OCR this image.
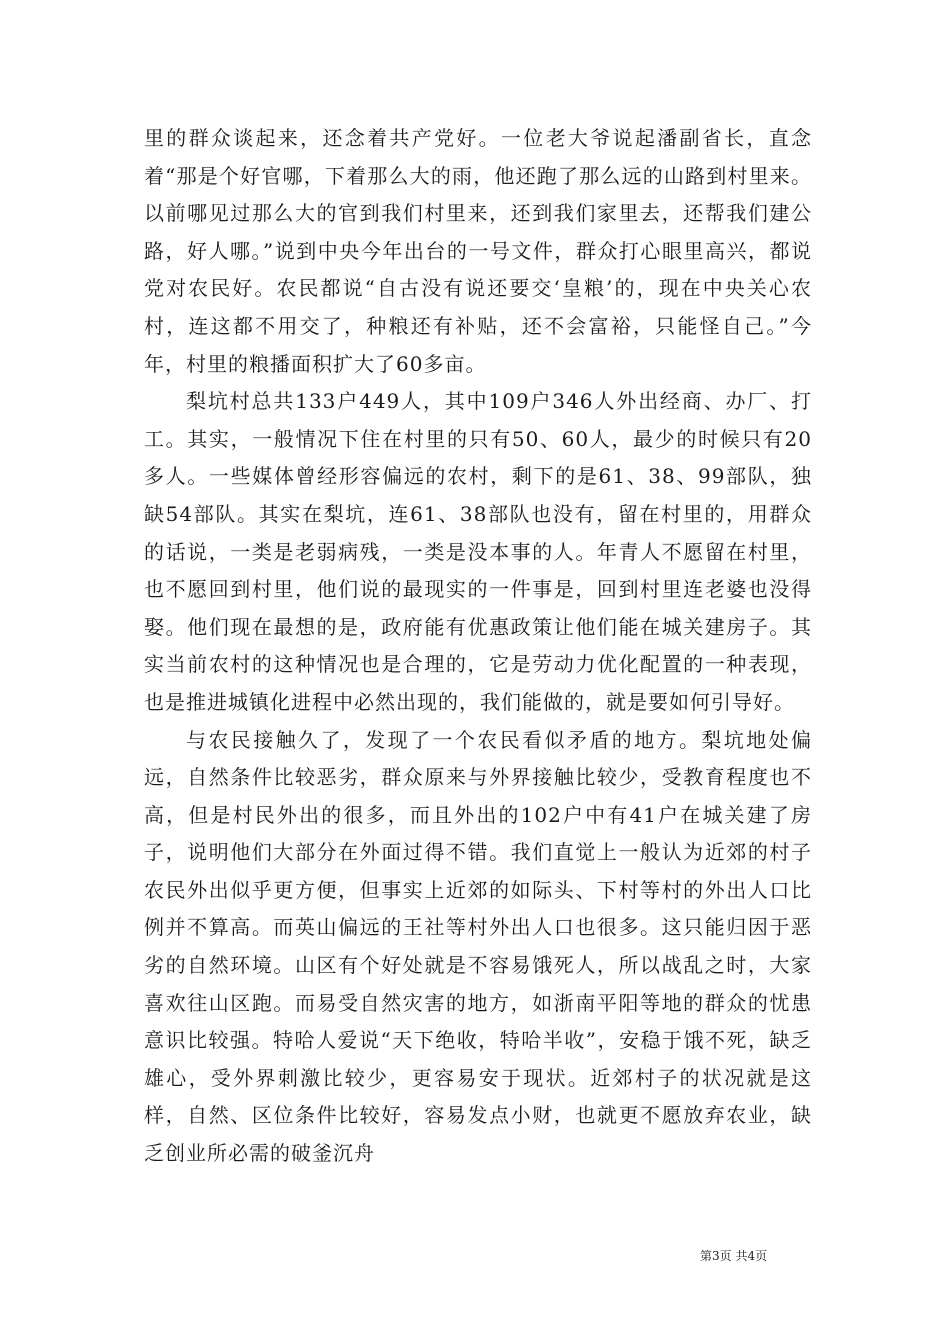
里的群众谈起来，还念着共产党好。一位老大爷说起潘副省长，直念着“那是个好官哪，下着那么大的雨，他还跑了那么远的山路到村里来。以前哪见过那么大的官到我们村里来，还到我们家里去，还帮我们建公路，好人哪。”说到中央今年出台的一号文件，群众打心眼里高兴，都说党对农民好。农民都说“自古没有说还要交‘皇粮’的，现在中央关心农村，连这都不用交了，种粮还有补贴，还不会富裕，只能怪自己。”今年，村里的粮播面积扩大了60多亩。

梨坑村总共133户449人，其中109户346人外出经商、办厂、打工。其实，一般情况下住在村里的只有50、60人，最少的时候只有20多人。一些媒体曾经形容偏远的农村，剩下的是61、38、99部队，独缺54部队。其实在梨坑，连61、38部队也没有，留在村里的，用群众的话说，一类是老弱病残，一类是没本事的人。年青人不愿留在村里，也不愿回到村里，他们说的最现实的一件事是，回到村里连老婆也没得娶。他们现在最想的是，政府能有优惠政策让他们能在城关建房子。其实当前农村的这种情况也是合理的，它是劳动力优化配置的一种表现，也是推进城镇化进程中必然出现的，我们能做的，就是要如何引导好。

与农民接触久了，发现了一个农民看似矛盾的地方。梨坑地处偏远，自然条件比较恶劣，群众原来与外界接触比较少，受教育程度也不高，但是村民外出的很多，而且外出的102户中有41户在城关建了房子，说明他们大部分在外面过得不错。我们直觉上一般认为近郊的村子农民外出似乎更方便，但事实上近郊的如际头、下村等村的外出人口比例并不算高。而英山偏远的王社等村外出人口也很多。这只能归因于恶劣的自然环境。山区有个好处就是不容易饿死人，所以战乱之时，大家喜欢往山区跑。而易受自然灾害的地方，如浙南平阳等地的群众的忧患意识比较强。特哈人爱说“天下绝收，特哈半收”，安稳于饿不死，缺乏雄心，受外界刺激比较少，更容易安于现状。近郊村子的状况就是这样，自然、区位条件比较好，容易发点小财，也就更不愿放弃农业，缺乏创业所必需的破釜沉舟

第3页 共4页
